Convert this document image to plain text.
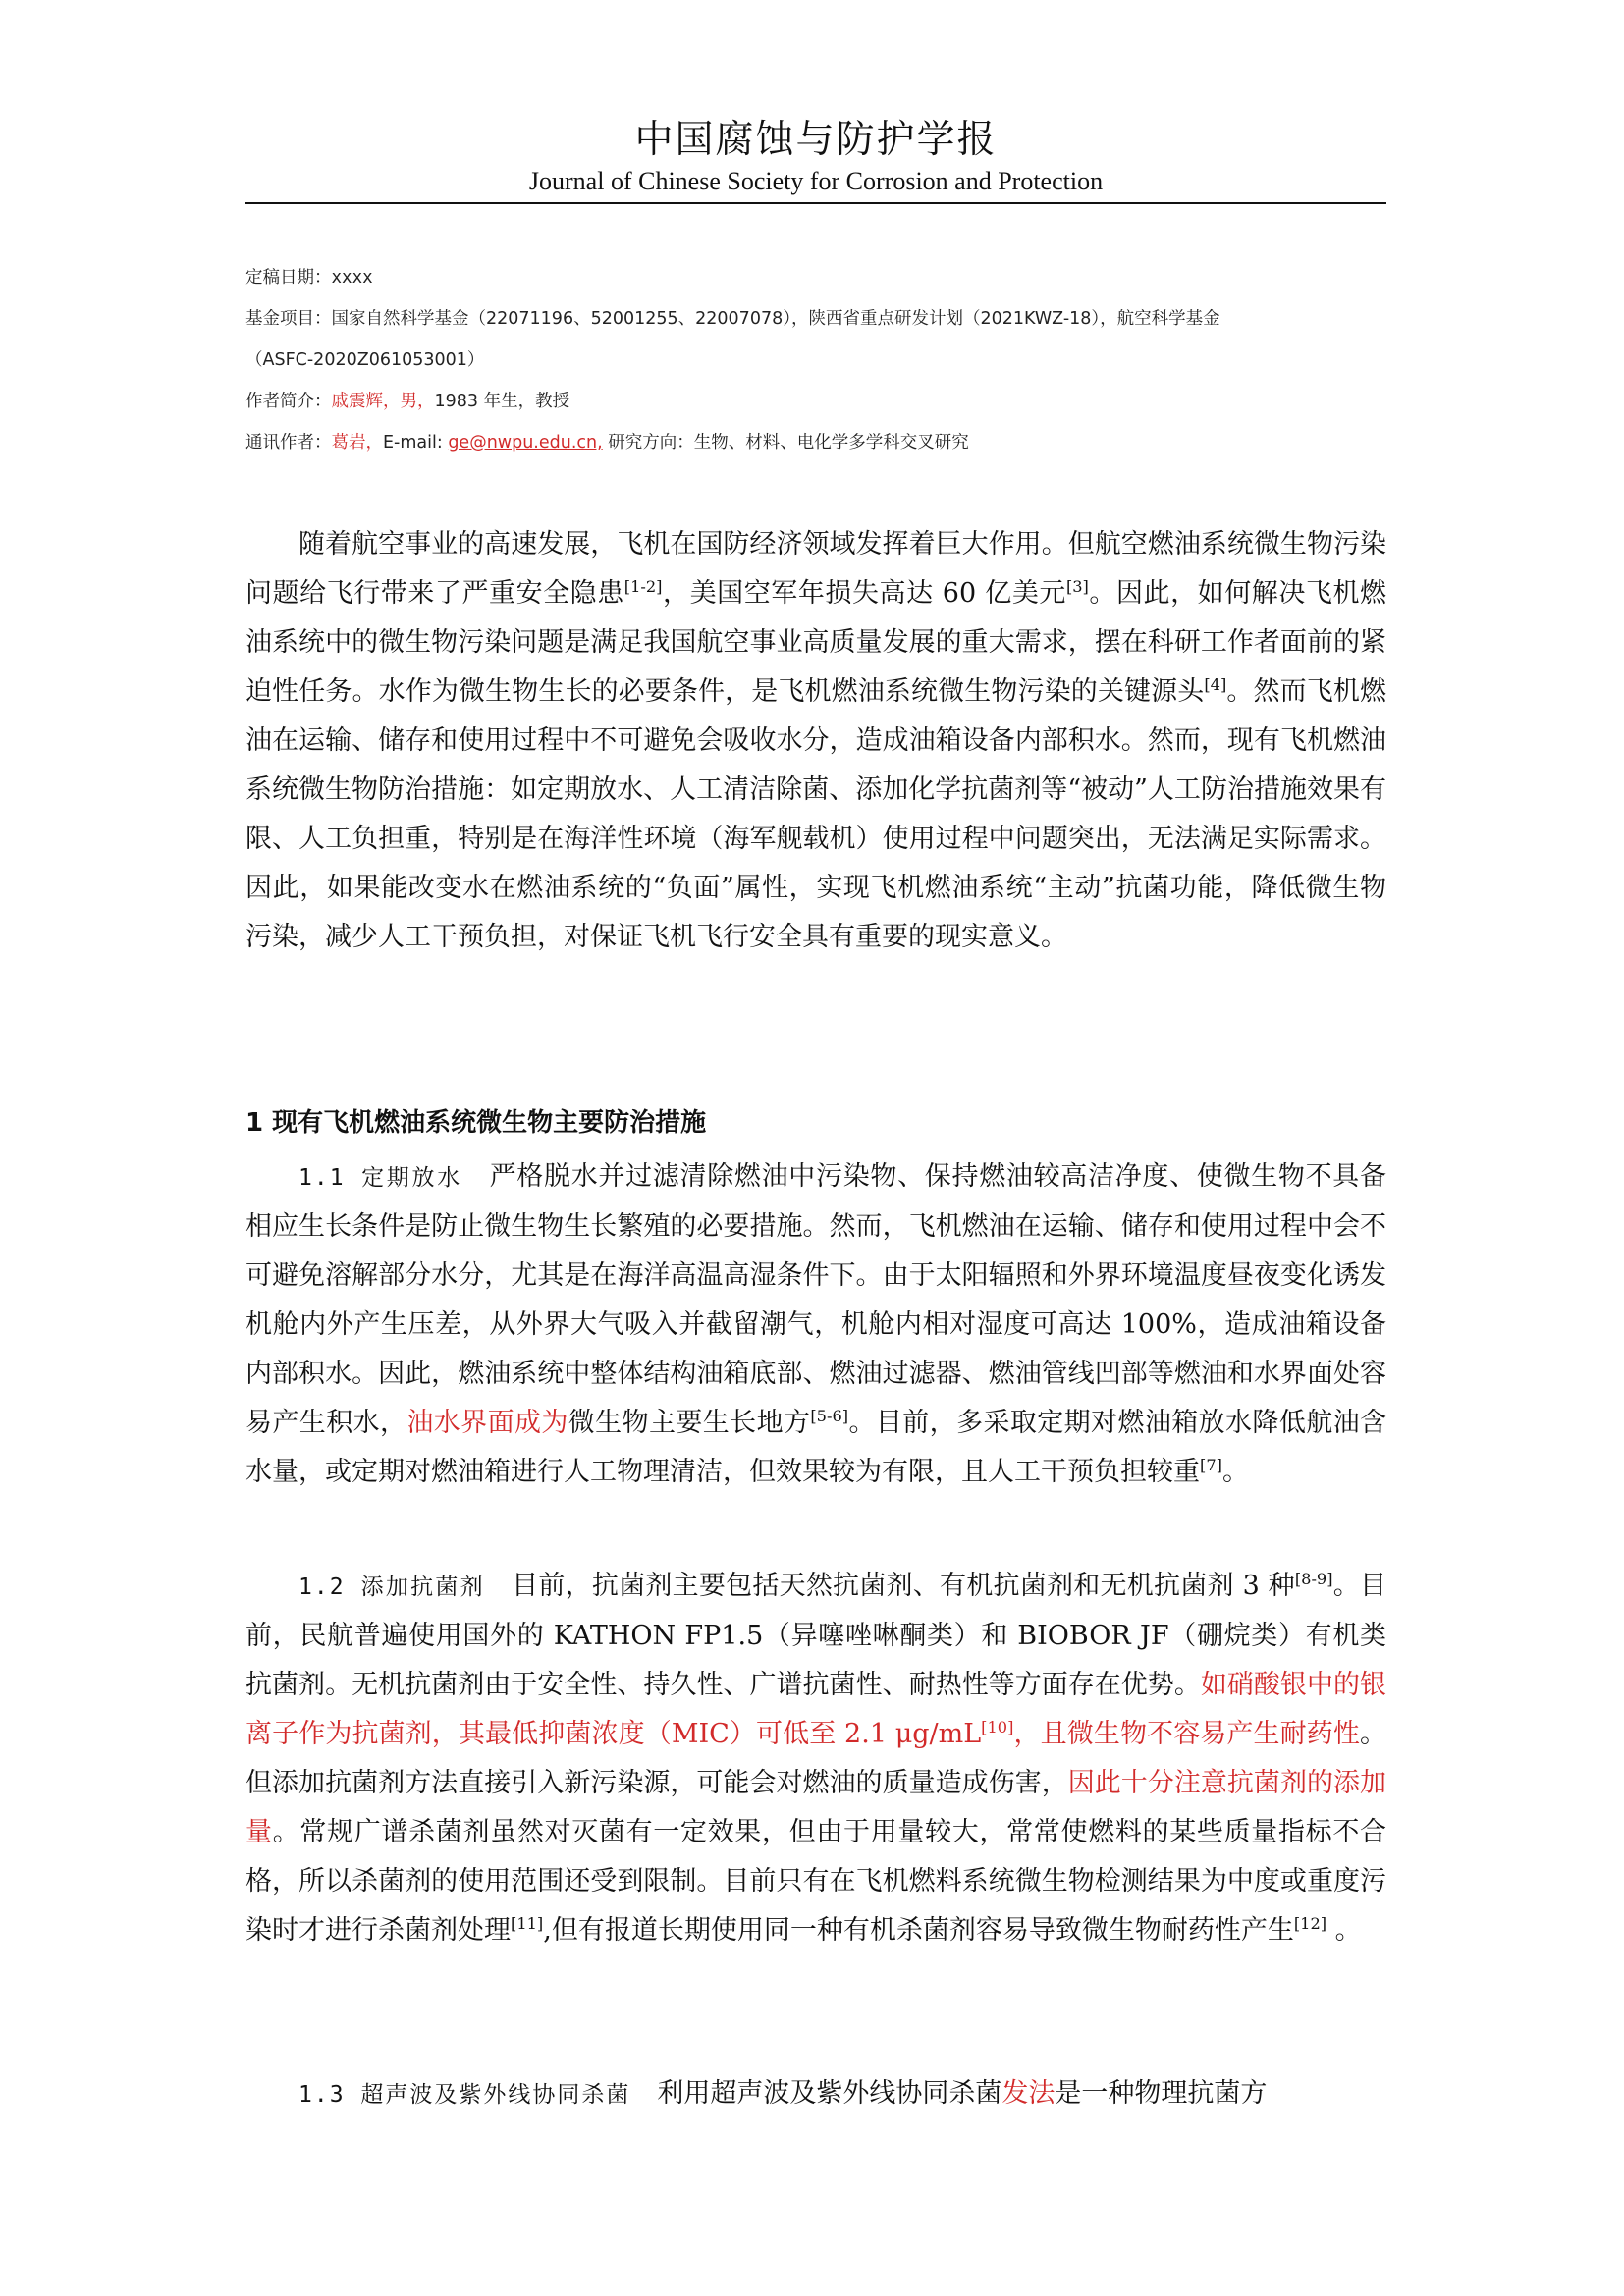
中国腐蚀与防护学报
Journal of Chinese Society for Corrosion and Protection
定稿日期：xxxx
基金项目：国家自然科学基金（22071196、52001255、22007078），陕西省重点研发计划（2021KWZ-18），航空科学基金
（ASFC-2020Z061053001）
作者简介：戚震辉，男，1983 年生，教授
通讯作者：葛岩，E-mail: ge@nwpu.edu.cn, 研究方向：生物、材料、电化学多学科交叉研究

随着航空事业的高速发展，飞机在国防经济领域发挥着巨大作用。但航空燃油系统微生物污染问题给飞行带来了严重安全隐患[1-2]，美国空军年损失高达 60 亿美元[3]。因此，如何解决飞机燃油系统中的微生物污染问题是满足我国航空事业高质量发展的重大需求，摆在科研工作者面前的紧迫性任务。水作为微生物生长的必要条件，是飞机燃油系统微生物污染的关键源头[4]。然而飞机燃油在运输、储存和使用过程中不可避免会吸收水分，造成油箱设备内部积水。然而，现有飞机燃油系统微生物防治措施：如定期放水、人工清洁除菌、添加化学抗菌剂等“被动”人工防治措施效果有限、人工负担重，特别是在海洋性环境（海军舰载机）使用过程中问题突出，无法满足实际需求。因此，如果能改变水在燃油系统的“负面”属性，实现飞机燃油系统“主动”抗菌功能，降低微生物污染，减少人工干预负担，对保证飞机飞行安全具有重要的现实意义。

1 现有飞机燃油系统微生物主要防治措施

1.1 定期放水  严格脱水并过滤清除燃油中污染物、保持燃油较高洁净度、使微生物不具备相应生长条件是防止微生物生长繁殖的必要措施。然而，飞机燃油在运输、储存和使用过程中会不可避免溶解部分水分，尤其是在海洋高温高湿条件下。由于太阳辐照和外界环境温度昼夜变化诱发机舱内外产生压差，从外界大气吸入并截留潮气，机舱内相对湿度可高达 100%，造成油箱设备内部积水。因此，燃油系统中整体结构油箱底部、燃油过滤器、燃油管线凹部等燃油和水界面处容易产生积水，油水界面成为微生物主要生长地方[5-6]。目前，多采取定期对燃油箱放水降低航油含水量，或定期对燃油箱进行人工物理清洁，但效果较为有限，且人工干预负担较重[7]。

1.2 添加抗菌剂  目前，抗菌剂主要包括天然抗菌剂、有机抗菌剂和无机抗菌剂 3 种[8-9]。目前，民航普遍使用国外的 KATHON FP1.5（异噻唑啉酮类）和 BIOBOR JF（硼烷类）有机类抗菌剂。无机抗菌剂由于安全性、持久性、广谱抗菌性、耐热性等方面存在优势。如硝酸银中的银离子作为抗菌剂，其最低抑菌浓度（MIC）可低至 2.1 μg/mL[10]，且微生物不容易产生耐药性。但添加抗菌剂方法直接引入新污染源，可能会对燃油的质量造成伤害，因此十分注意抗菌剂的添加量。常规广谱杀菌剂虽然对灭菌有一定效果，但由于用量较大，常常使燃料的某些质量指标不合格，所以杀菌剂的使用范围还受到限制。目前只有在飞机燃料系统微生物检测结果为中度或重度污染时才进行杀菌剂处理[11],但有报道长期使用同一种有机杀菌剂容易导致微生物耐药性产生[12] 。

1.3 超声波及紫外线协同杀菌  利用超声波及紫外线协同杀菌发法是一种物理抗菌方
